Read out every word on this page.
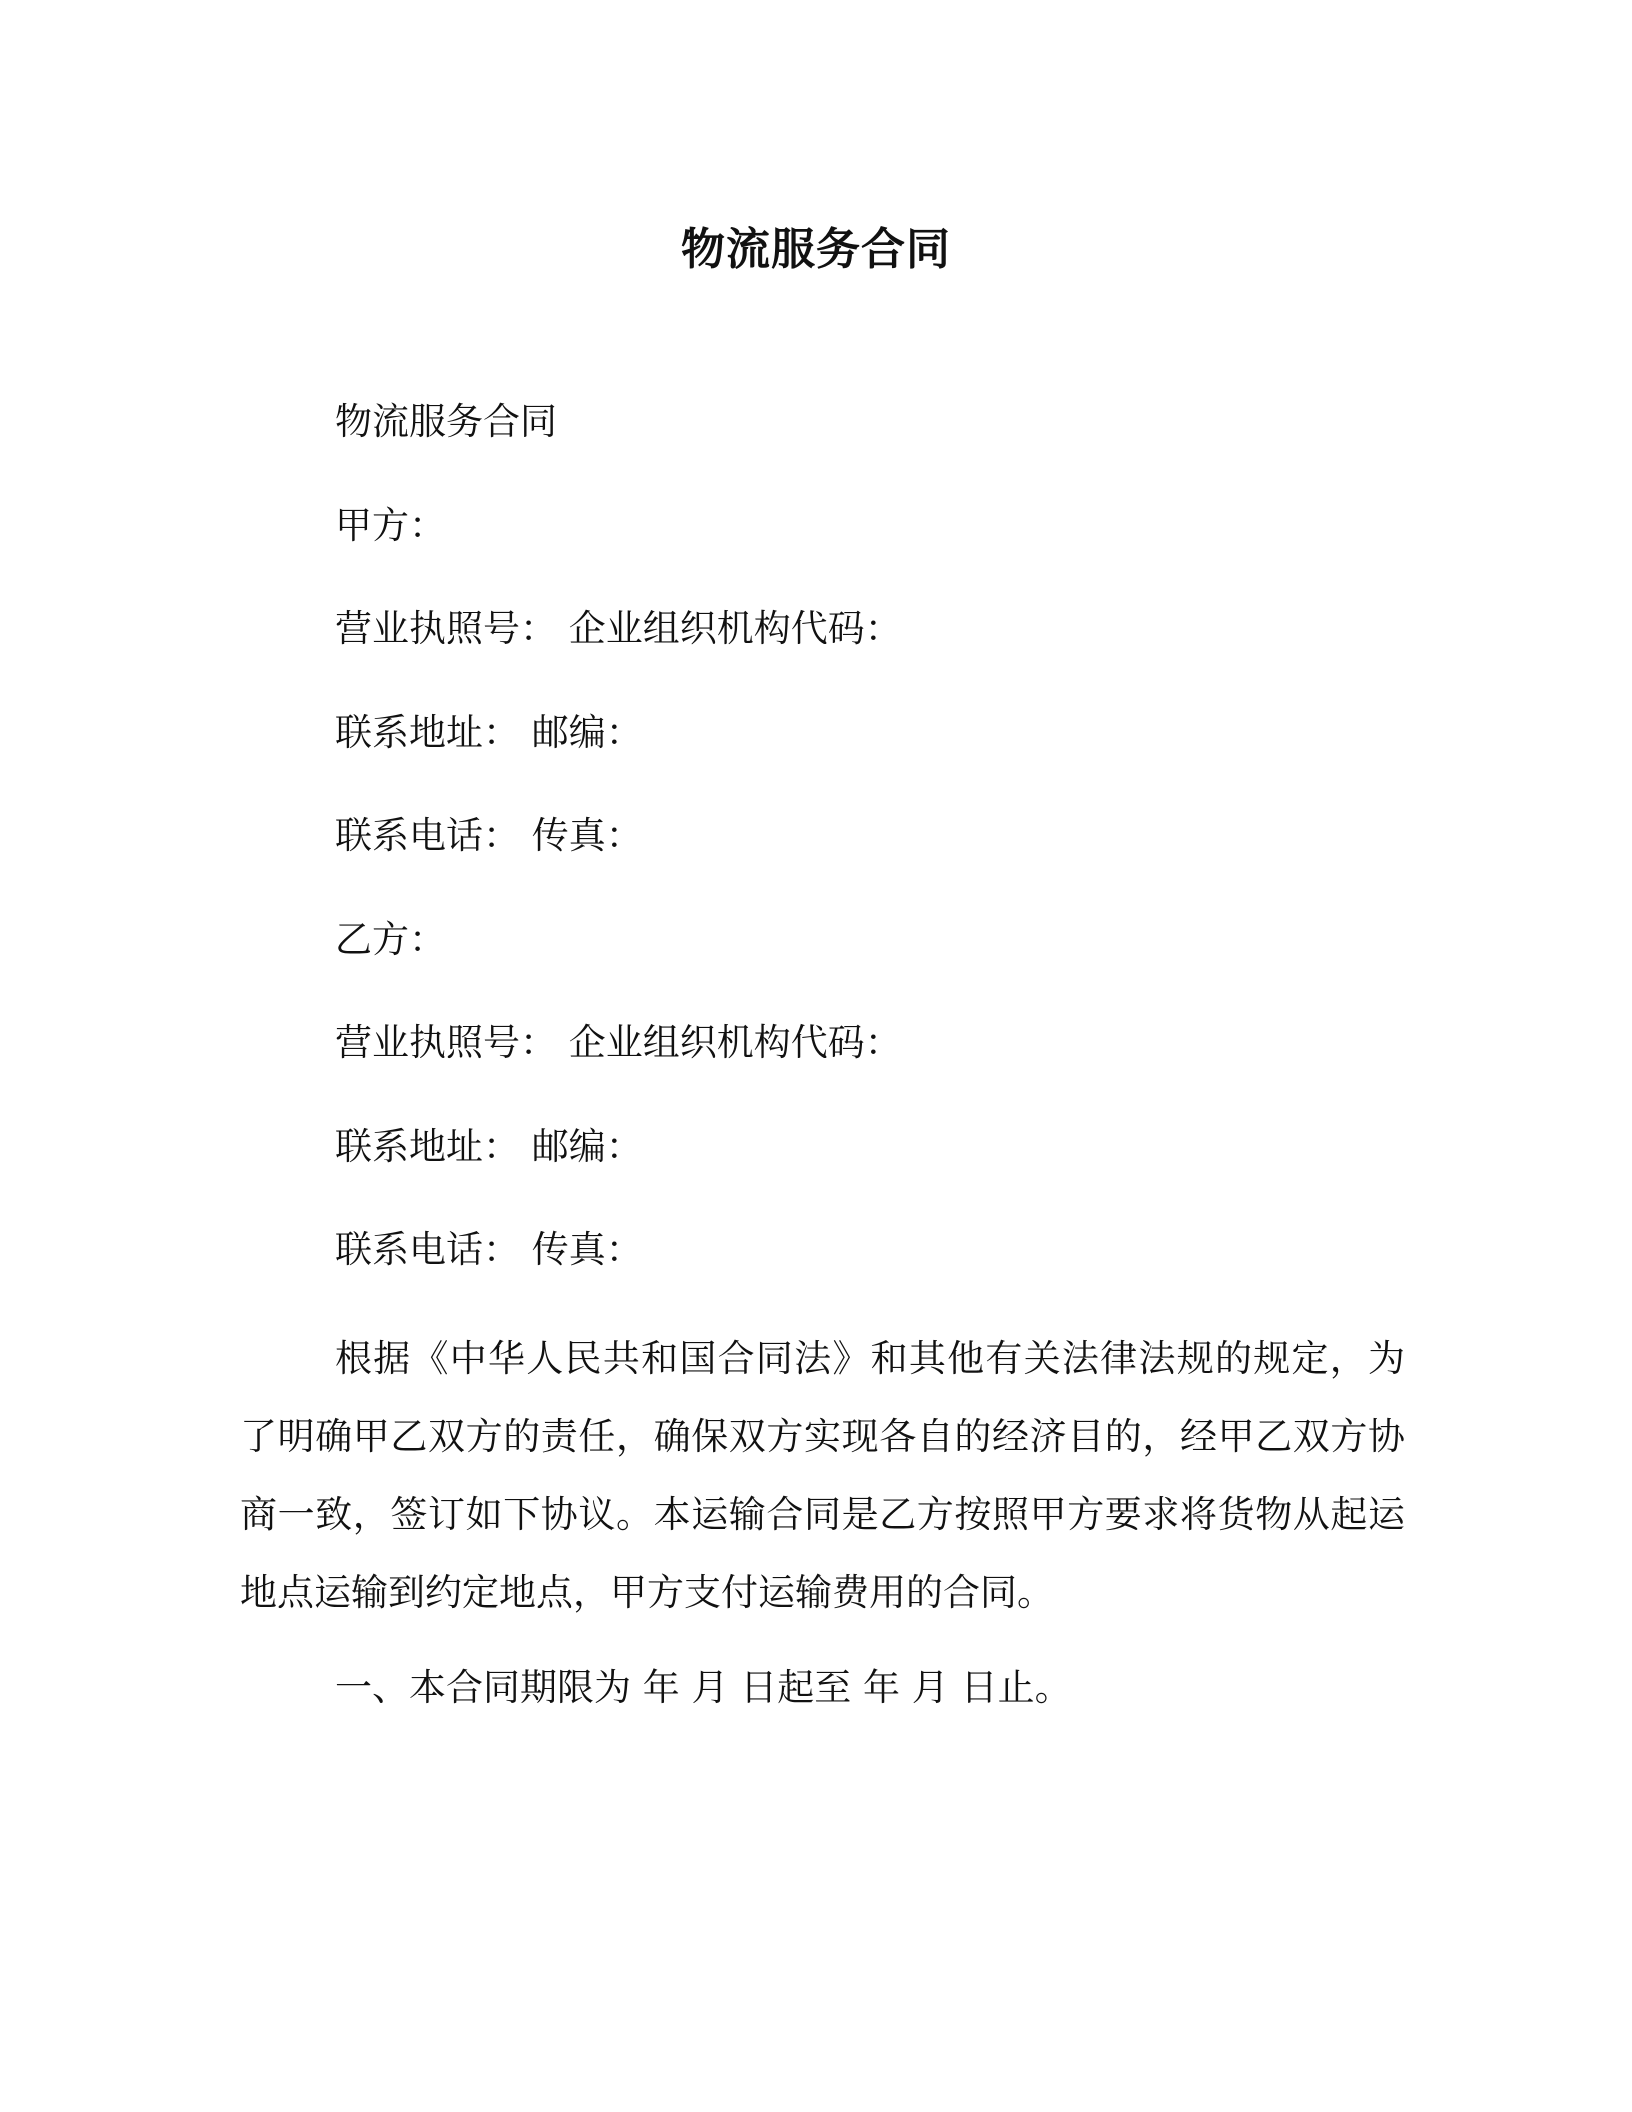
物流服务合同
物流服务合同
甲方：
营业执照号： 企业组织机构代码：
联系地址： 邮编：
联系电话： 传真：
乙方：
营业执照号： 企业组织机构代码：
联系地址： 邮编：
联系电话： 传真：
根据《中华人民共和国合同法》和其他有关法律法规的规定，为了明确甲乙双方的责任，确保双方实现各自的经济目的，经甲乙双方协商一致，签订如下协议。本运输合同是乙方按照甲方要求将货物从起运地点运输到约定地点，甲方支付运输费用的合同。
一、本合同期限为 年 月 日起至 年 月 日止。
